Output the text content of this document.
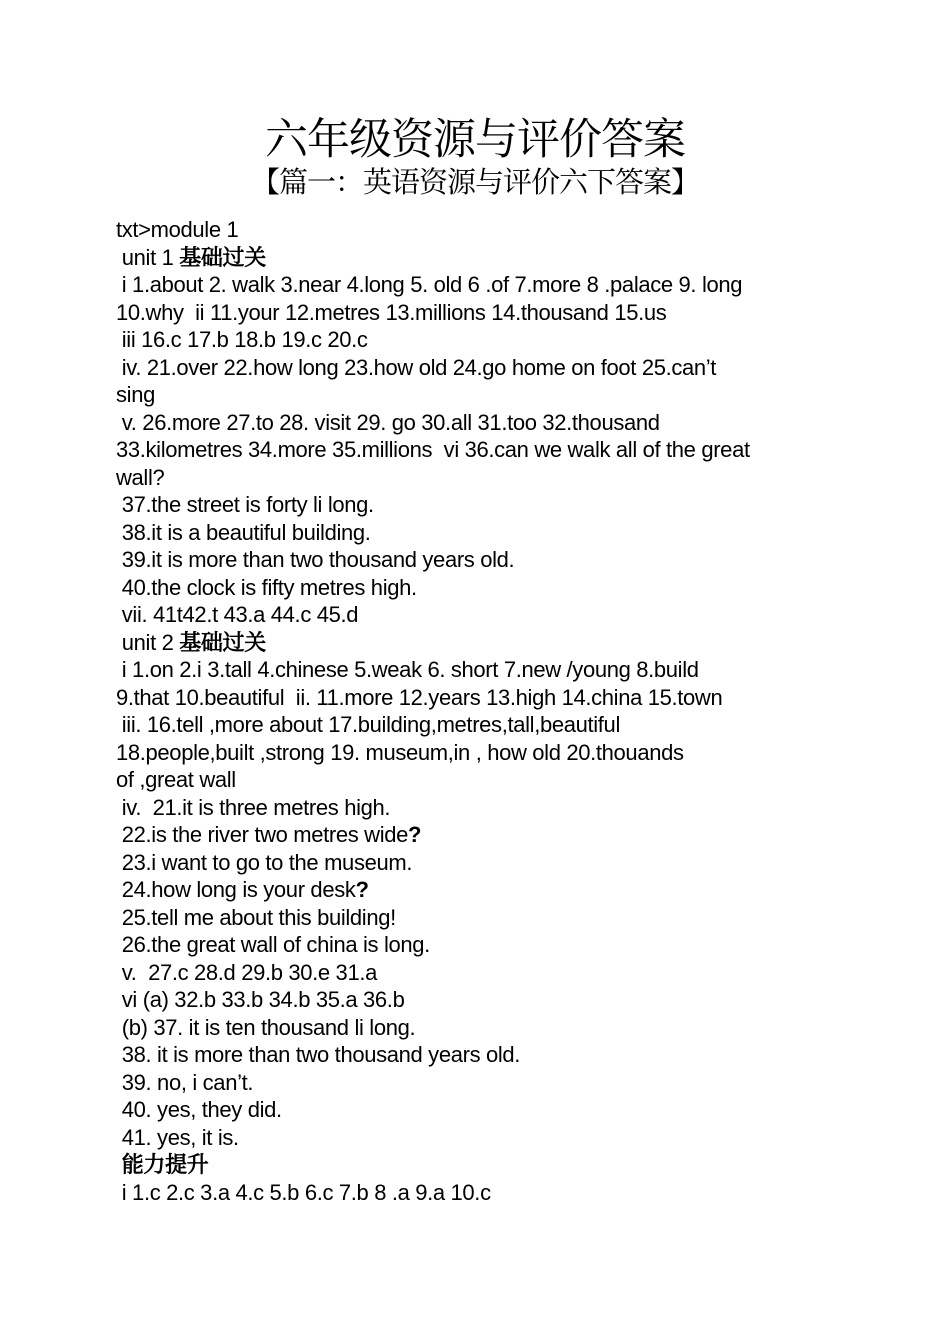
六年级资源与评价答案
【篇一：英语资源与评价六下答案】
txt>module 1
unit 1 基础过关
i 1.about 2. walk 3.near 4.long 5. old 6 .of 7.more 8 .palace 9. long
10.why  ii 11.your 12.metres 13.millions 14.thousand 15.us
iii 16.c 17.b 18.b 19.c 20.c
iv. 21.over 22.how long 23.how old 24.go home on foot 25.can’t
sing
v. 26.more 27.to 28. visit 29. go 30.all 31.too 32.thousand
33.kilometres 34.more 35.millions  vi 36.can we walk all of the great
wall?
37.the street is forty li long.
38.it is a beautiful building.
39.it is more than two thousand years old.
40.the clock is fifty metres high.
vii. 41t42.t 43.a 44.c 45.d
unit 2 基础过关
i 1.on 2.i 3.tall 4.chinese 5.weak 6. short 7.new /young 8.build
9.that 10.beautiful  ii. 11.more 12.years 13.high 14.china 15.town
iii. 16.tell ,more about 17.building,metres,tall,beautiful
18.people,built ,strong 19. museum,in , how old 20.thouands
of ,great wall
iv.  21.it is three metres high.
22.is the river two metres wide?
23.i want to go to the museum.
24.how long is your desk?
25.tell me about this building!
26.the great wall of china is long.
v.  27.c 28.d 29.b 30.e 31.a
vi (a) 32.b 33.b 34.b 35.a 36.b
(b) 37. it is ten thousand li long.
38. it is more than two thousand years old.
39. no, i can’t.
40. yes, they did.
41. yes, it is.
能力提升
i 1.c 2.c 3.a 4.c 5.b 6.c 7.b 8 .a 9.a 10.c
